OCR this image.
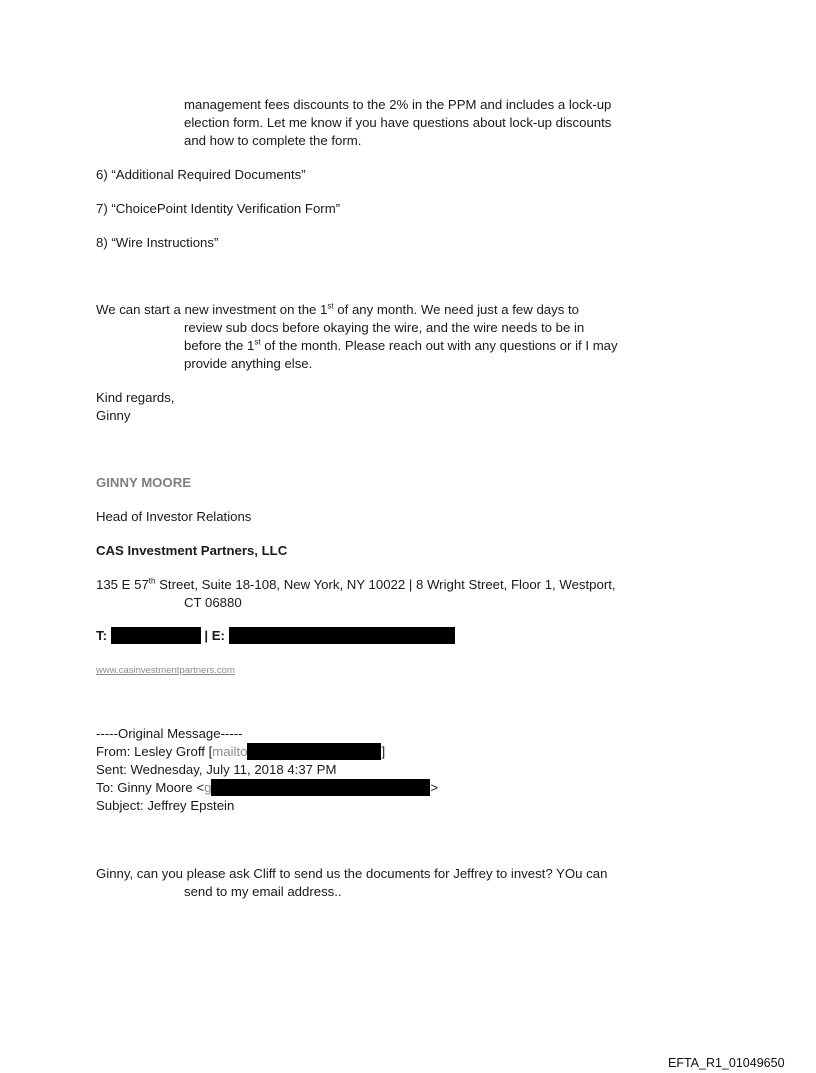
management fees discounts to the 2% in the PPM and includes a lock-up
election form. Let me know if you have questions about lock-up discounts
and how to complete the form.
6) “Additional Required Documents”
7) “ChoicePoint Identity Verification Form”
8) “Wire Instructions”
We can start a new investment on the 1st of any month. We need just a few days to
review sub docs before okaying the wire, and the wire needs to be in
before the 1st of the month. Please reach out with any questions or if I may
provide anything else.
Kind regards,
Ginny
GINNY MOORE
Head of Investor Relations
CAS Investment Partners, LLC
135 E 57th Street, Suite 18-108, New York, NY 10022 | 8 Wright Street, Floor 1, Westport,
CT 06880
T:	| E:
www.casinvestmentpartners.com
-----Original Message-----
From: Lesley Groff [mailto	]
Sent: Wednesday, July 11, 2018 4:37 PM
To: Ginny Moore <g	>
Subject: Jeffrey Epstein
Ginny, can you please ask Cliff to send us the documents for Jeffrey to invest? YOu can
send to my email address..
EFTA_R1_01049650
